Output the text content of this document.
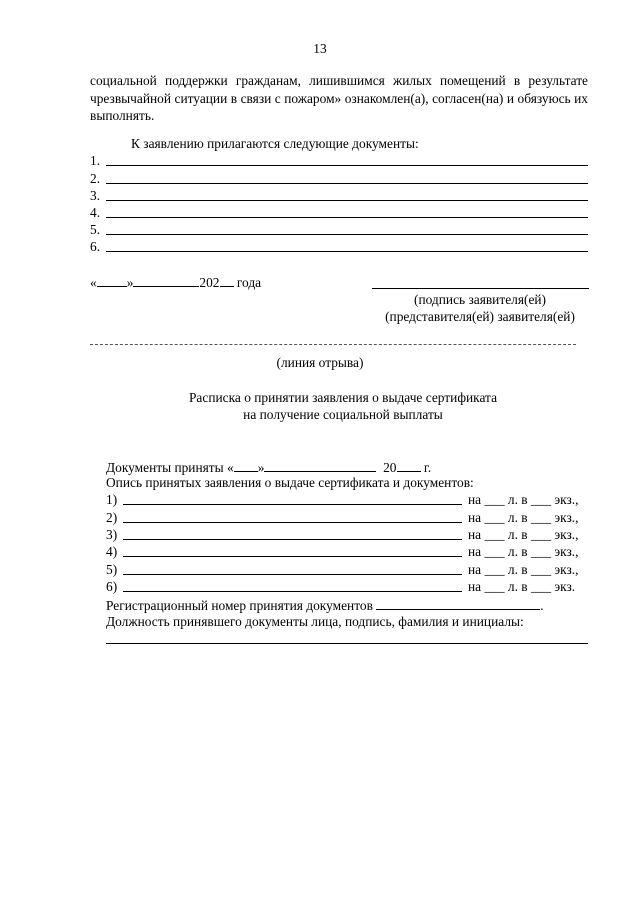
13
социальной поддержки гражданам, лишившимся жилых помещений в результате чрезвычайной ситуации в связи с пожаром» ознакомлен(а), согласен(на) и обязуюсь их выполнять.
К заявлению прилагаются следующие документы:
1.
2.
3.
4.
5.
6.
« »	202 года
(подпись заявителя(ей)
(представителя(ей) заявителя(ей)
(линия отрыва)
Расписка о принятии заявления о выдаче сертификата
на получение социальной выплаты
Документы приняты « »	20 г.
Опись принятых заявления о выдаче сертификата и документов:
1)	на ___ л. в ___ экз.,
2)	на ___ л. в ___ экз.,
3)	на ___ л. в ___ экз.,
4)	на ___ л. в ___ экз.,
5)	на ___ л. в ___ экз.,
6)	на ___ л. в ___ экз.
Регистрационный номер принятия документов	.
Должность принявшего документы лица, подпись, фамилия и инициалы:
